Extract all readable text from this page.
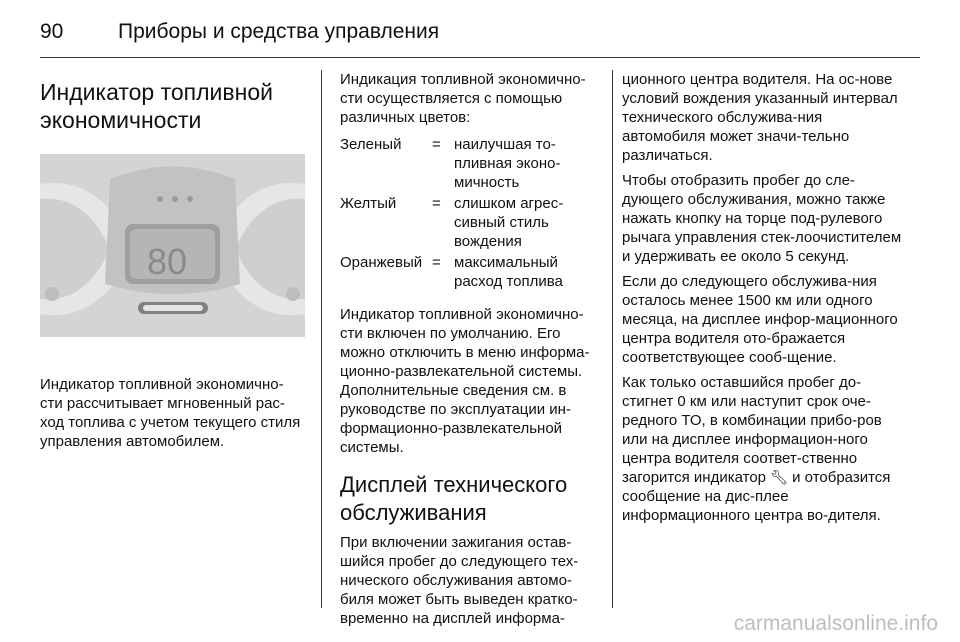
90	Приборы и средства управления
Индикатор топливной
экономичности
80
Индикатор топливной экономично-сти рассчитывает мгновенный рас-ход топлива с учетом текущего стиля управления автомобилем.
Индикация топливной экономично-сти осуществляется с помощью различных цветов:
Зеленый	= наилучшая то-пливная эконо-мичность
Желтый	= слишком агрес-сивный стиль вождения
Оранжевый = максимальный расход топлива
Индикатор топливной экономично-сти включен по умолчанию. Его можно отключить в меню информа-ционно-развлекательной системы. Дополнительные сведения см. в руководстве по эксплуатации ин-формационно-развлекательной системы.
Дисплей технического
обслуживания
При включении зажигания остав-шийся пробег до следующего тех-нического обслуживания автомо-биля может быть выведен кратко-временно на дисплей информа-
ционного центра водителя. На ос-нове условий вождения указанный интервал технического обслужива-ния автомобиля может значи-тельно различаться.
Чтобы отобразить пробег до сле-дующего обслуживания, можно также нажать кнопку на торце под-рулевого рычага управления стек-лоочистителем и удерживать ее около 5 секунд.
Если до следующего обслужива-ния осталось менее 1500 км или одного месяца, на дисплее инфор-мационного центра водителя ото-бражается соответствующее сооб-щение.
Как только оставшийся пробег до-стигнет 0 км или наступит срок оче-редного ТО, в комбинации прибо-ров или на дисплее информацион-ного центра водителя соответ-ственно загорится индикатор 🔧︎ и отобразится сообщение на дис-плее информационного центра во-дителя.
carmanualsonline.info
